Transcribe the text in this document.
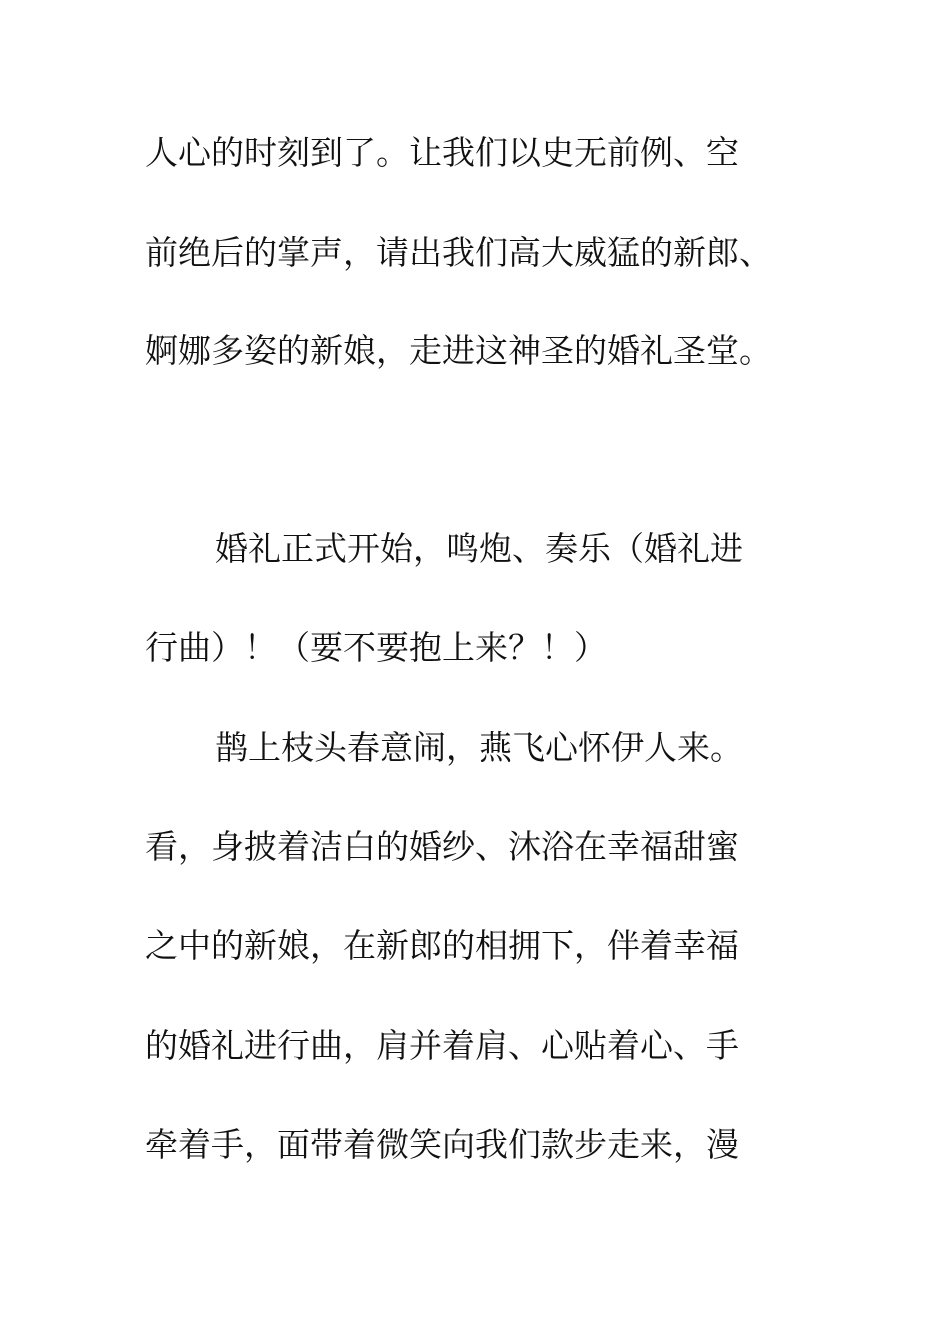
人心的时刻到了。让我们以史无前例、空
前绝后的掌声，请出我们高大威猛的新郎、
婀娜多姿的新娘，走进这神圣的婚礼圣堂。
婚礼正式开始，鸣炮、奏乐（婚礼进
行曲）！（要不要抱上来？！）
鹊上枝头春意闹，燕飞心怀伊人来。
看，身披着洁白的婚纱、沐浴在幸福甜蜜
之中的新娘，在新郎的相拥下，伴着幸福
的婚礼进行曲，肩并着肩、心贴着心、手
牵着手，面带着微笑向我们款步走来，漫
